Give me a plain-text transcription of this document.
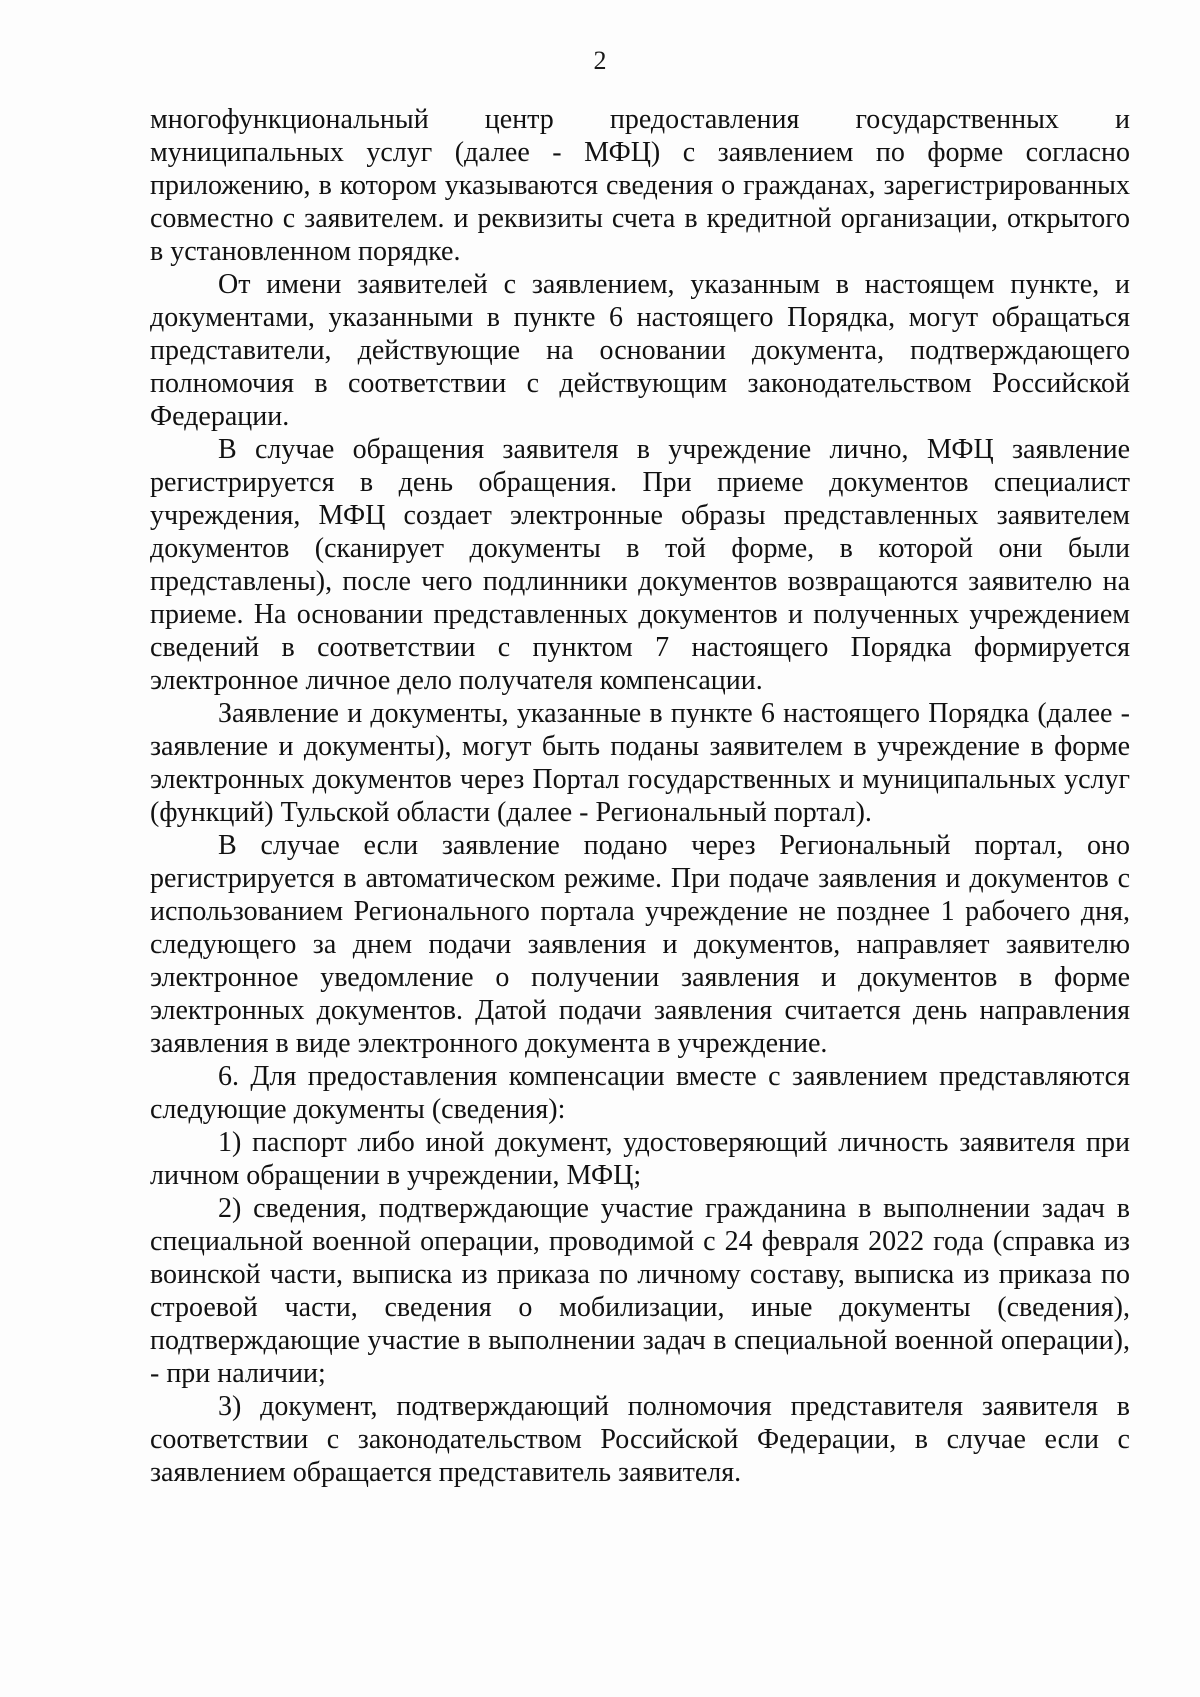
2

многофункциональный центр предоставления государственных и муниципальных услуг (далее - МФЦ) с заявлением по форме согласно приложению, в котором указываются сведения о гражданах, зарегистрированных совместно с заявителем. и реквизиты счета в кредитной организации, открытого в установленном порядке.

От имени заявителей с заявлением, указанным в настоящем пункте, и документами, указанными в пункте 6 настоящего Порядка, могут обращаться представители, действующие на основании документа, подтверждающего полномочия в соответствии с действующим законодательством Российской Федерации.

В случае обращения заявителя в учреждение лично, МФЦ заявление регистрируется в день обращения. При приеме документов специалист учреждения, МФЦ создает электронные образы представленных заявителем документов (сканирует документы в той форме, в которой они были представлены), после чего подлинники документов возвращаются заявителю на приеме. На основании представленных документов и полученных учреждением сведений в соответствии с пунктом 7 настоящего Порядка формируется электронное личное дело получателя компенсации.

Заявление и документы, указанные в пункте 6 настоящего Порядка (далее - заявление и документы), могут быть поданы заявителем в учреждение в форме электронных документов через Портал государственных и муниципальных услуг (функций) Тульской области (далее - Региональный портал).

В случае если заявление подано через Региональный портал, оно регистрируется в автоматическом режиме. При подаче заявления и документов с использованием Регионального портала учреждение не позднее 1 рабочего дня, следующего за днем подачи заявления и документов, направляет заявителю электронное уведомление о получении заявления и документов в форме электронных документов. Датой подачи заявления считается день направления заявления в виде электронного документа в учреждение.

6. Для предоставления компенсации вместе с заявлением представляются следующие документы (сведения):

1) паспорт либо иной документ, удостоверяющий личность заявителя при личном обращении в учреждении, МФЦ;

2) сведения, подтверждающие участие гражданина в выполнении задач в специальной военной операции, проводимой с 24 февраля 2022 года (справка из воинской части, выписка из приказа по личному составу, выписка из приказа по строевой части, сведения о мобилизации, иные документы (сведения), подтверждающие участие в выполнении задач в специальной военной операции), - при наличии;

3) документ, подтверждающий полномочия представителя заявителя в соответствии с законодательством Российской Федерации, в случае если с заявлением обращается представитель заявителя.
